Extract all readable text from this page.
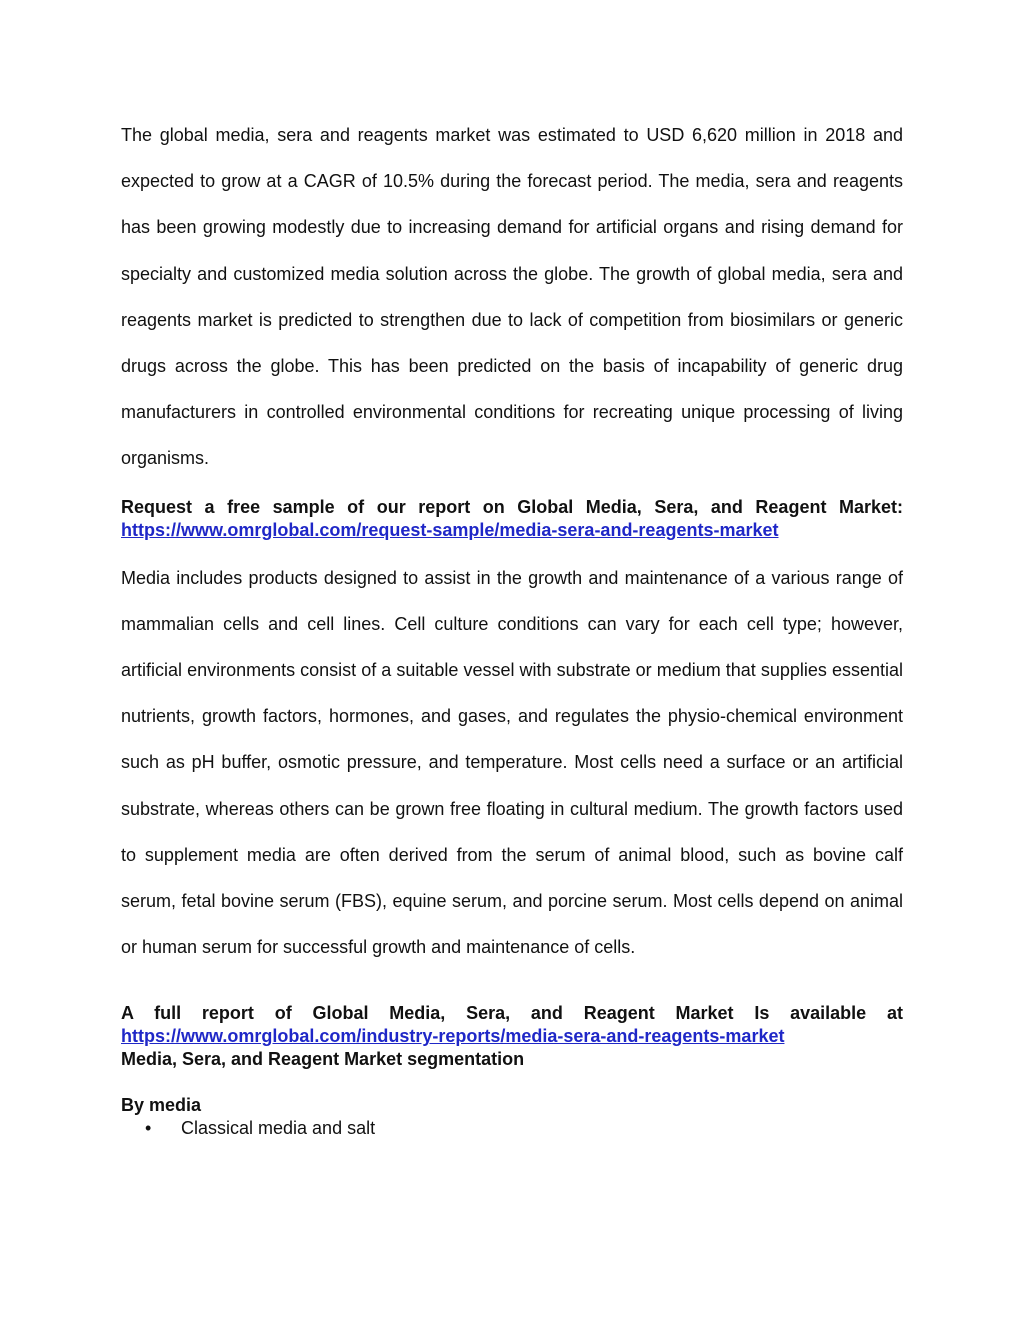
The global media, sera and reagents market was estimated to USD 6,620 million in 2018 and expected to grow at a CAGR of 10.5% during the forecast period. The media, sera and reagents has been growing modestly due to increasing demand for artificial organs and rising demand for specialty and customized media solution across the globe. The growth of global media, sera and reagents market is predicted to strengthen due to lack of competition from biosimilars or generic drugs across the globe. This has been predicted on the basis of incapability of generic drug manufacturers in controlled environmental conditions for recreating unique processing of living organisms.

Request a free sample of our report on Global Media, Sera, and Reagent Market:
https://www.omrglobal.com/request-sample/media-sera-and-reagents-market

Media includes products designed to assist in the growth and maintenance of a various range of mammalian cells and cell lines. Cell culture conditions can vary for each cell type; however, artificial environments consist of a suitable vessel with substrate or medium that supplies essential nutrients, growth factors, hormones, and gases, and regulates the physio-chemical environment such as pH buffer, osmotic pressure, and temperature. Most cells need a surface or an artificial substrate, whereas others can be grown free floating in cultural medium. The growth factors used to supplement media are often derived from the serum of animal blood, such as bovine calf serum, fetal bovine serum (FBS), equine serum, and porcine serum. Most cells depend on animal or human serum for successful growth and maintenance of cells.

A full report of Global Media, Sera, and Reagent Market Is available at
https://www.omrglobal.com/industry-reports/media-sera-and-reagents-market
Media, Sera, and Reagent Market segmentation
By media
• Classical media and salt
